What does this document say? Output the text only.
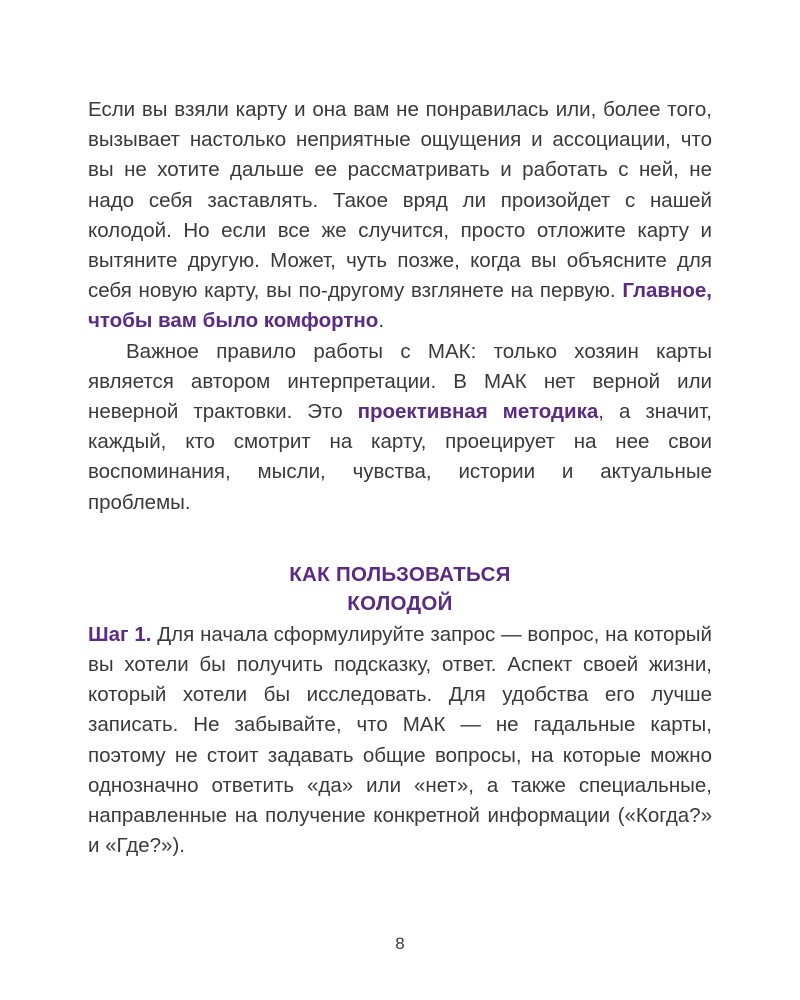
Если вы взяли карту и она вам не понравилась или, более того, вызывает настолько неприятные ощущения и ассоциации, что вы не хотите дальше ее рассматривать и работать с ней, не надо себя заставлять. Такое вряд ли произойдет с нашей колодой. Но если все же случится, просто отложите карту и вытяните другую. Может, чуть позже, когда вы объясните для себя новую карту, вы по-другому взглянете на первую. Главное, чтобы вам было комфортно.

Важное правило работы с МАК: только хозяин карты является автором интерпретации. В МАК нет верной или неверной трактовки. Это проективная методика, а значит, каждый, кто смотрит на карту, проецирует на нее свои воспоминания, мысли, чувства, истории и актуальные проблемы.

КАК ПОЛЬЗОВАТЬСЯ
КОЛОДОЙ

Шаг 1. Для начала сформулируйте запрос — вопрос, на который вы хотели бы получить подсказку, ответ. Аспект своей жизни, который хотели бы исследовать. Для удобства его лучше записать. Не забывайте, что МАК — не гадальные карты, поэтому не стоит задавать общие вопросы, на которые можно однозначно ответить «да» или «нет», а также специальные, направленные на получение конкретной информации («Когда?» и «Где?»).

8
